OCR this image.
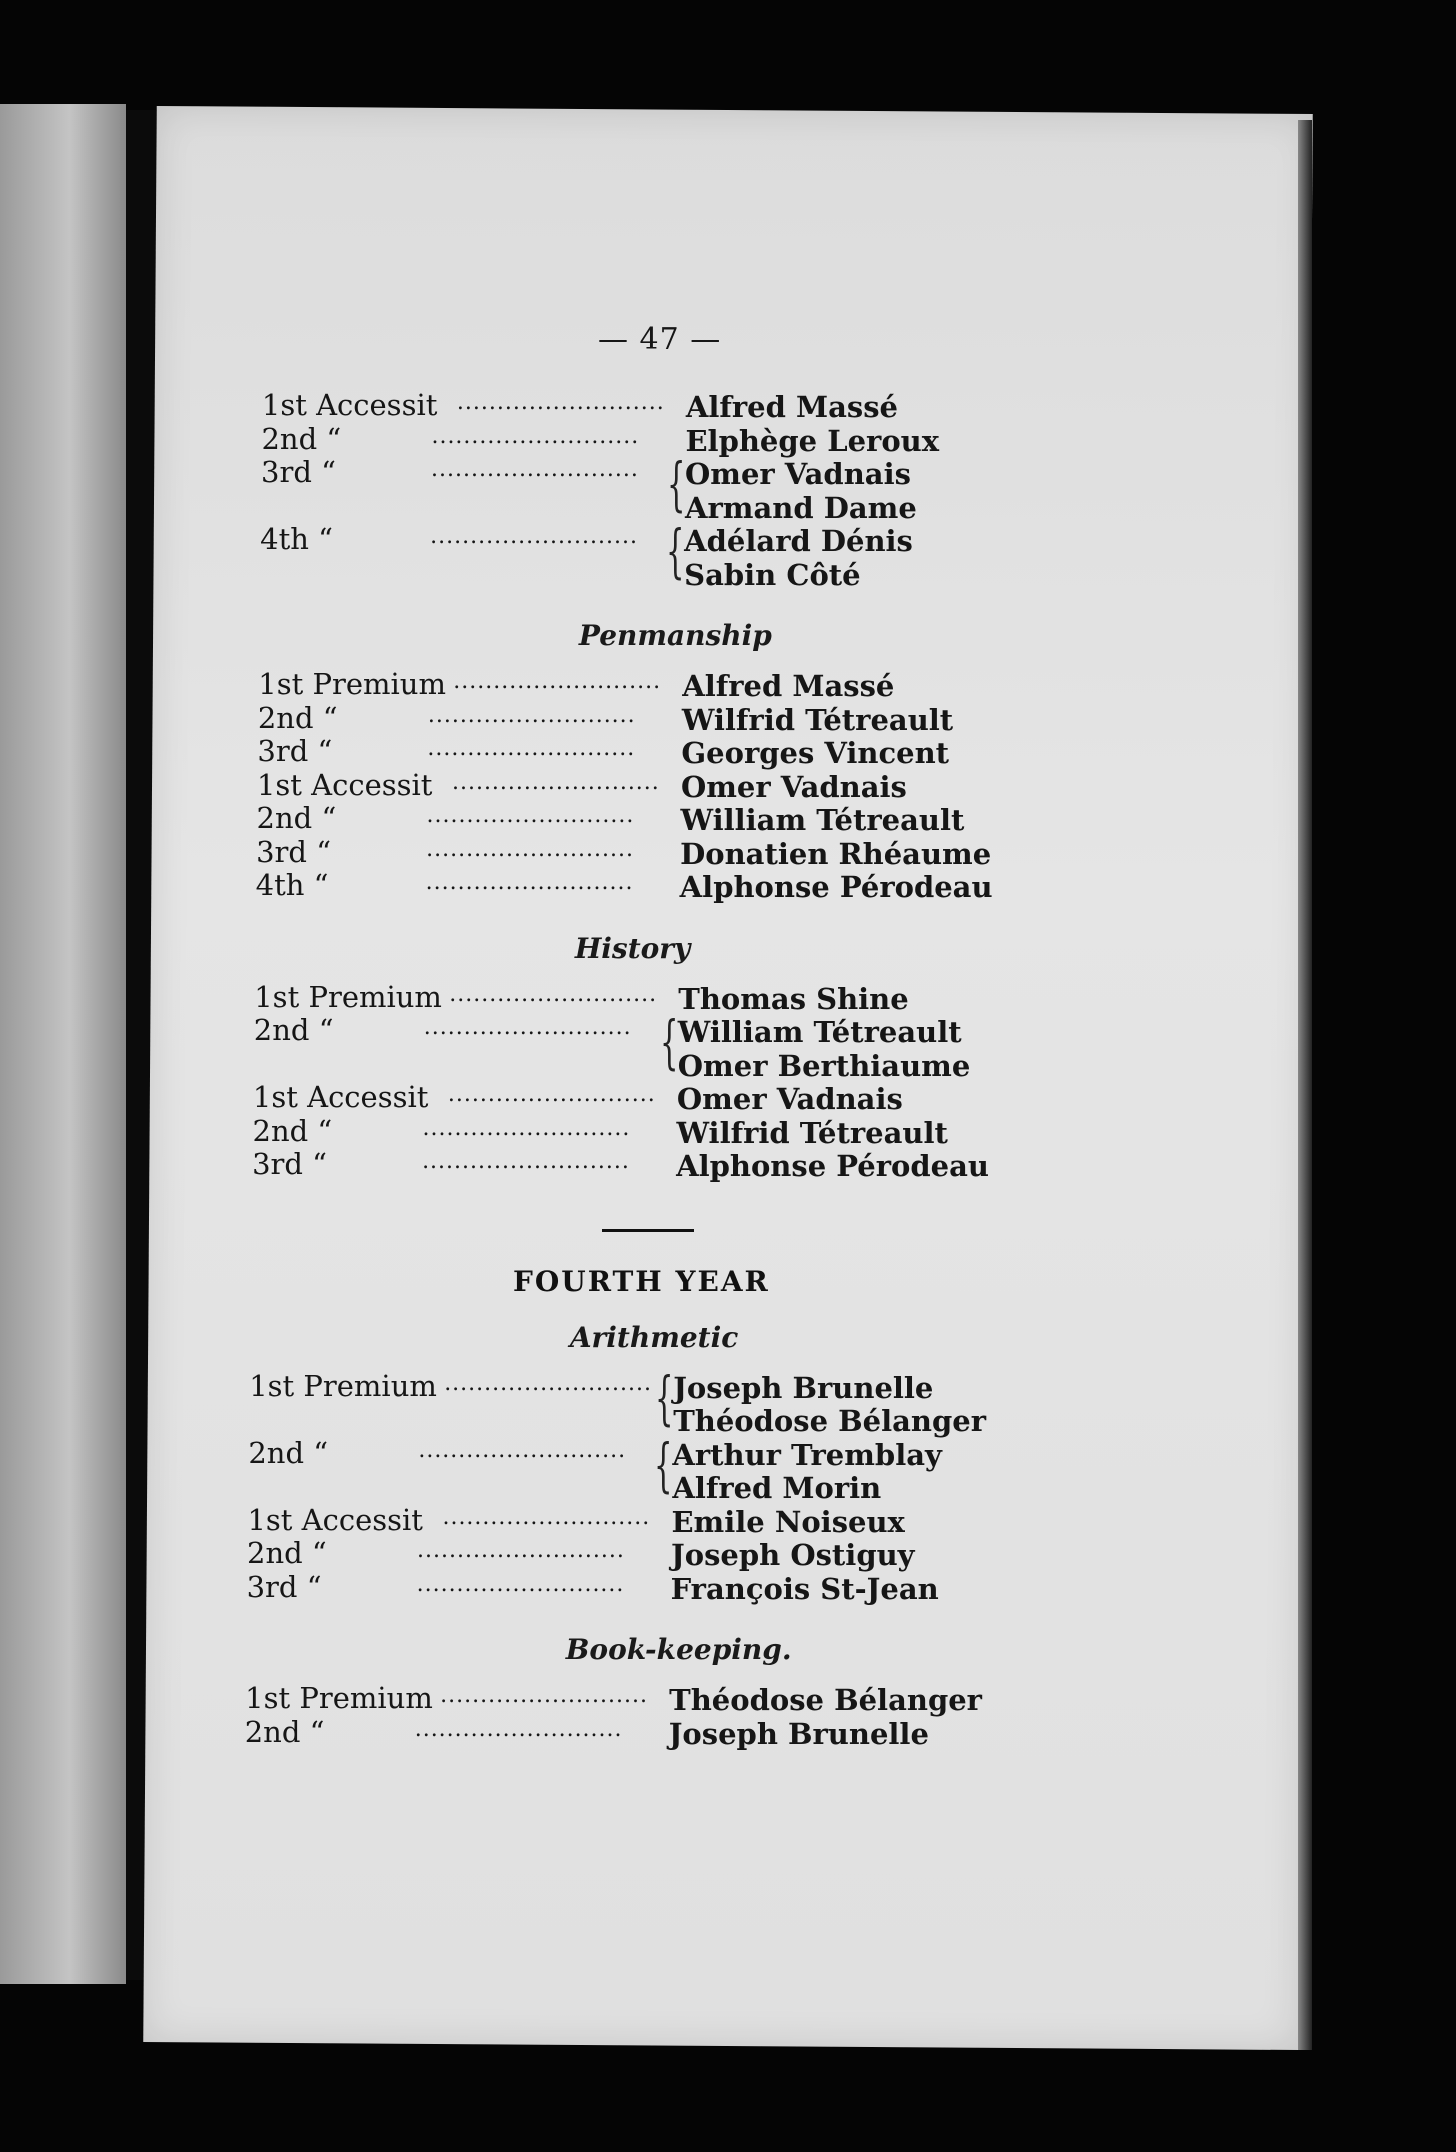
— 47 —
1st Accessit .......................... Alfred Massé
2nd “	..........................	Elphège Leroux
3rd “	.......................... { Omer Vadnais
Armand Dame
4th “	.......................... { Adélard Dénis
Sabin Côté
Penmanship
1st Premium .......................... Alfred Massé
2nd “	..........................	Wilfrid Tétreault
3rd “	..........................	Georges Vincent
1st Accessit .......................... Omer Vadnais
2nd “	..........................	William Tétreault
3rd “	..........................	Donatien Rhéaume
4th “	..........................	Alphonse Pérodeau
History
1st Premium .......................... Thomas Shine
2nd “	.......................... { William Tétreault
Omer Berthiaume
1st Accessit .......................... Omer Vadnais
2nd “	..........................	Wilfrid Tétreault
3rd “	..........................	Alphonse Pérodeau
FOURTH YEAR
Arithmetic
1st Premium .......................... { Joseph Brunelle
Théodose Bélanger
2nd “	.......................... { Arthur Tremblay
Alfred Morin
1st Accessit .......................... Emile Noiseux
2nd “	..........................	Joseph Ostiguy
3rd “	..........................	François St-Jean
Book-keeping.
1st Premium .......................... Théodose Bélanger
2nd “	..........................	Joseph Brunelle
